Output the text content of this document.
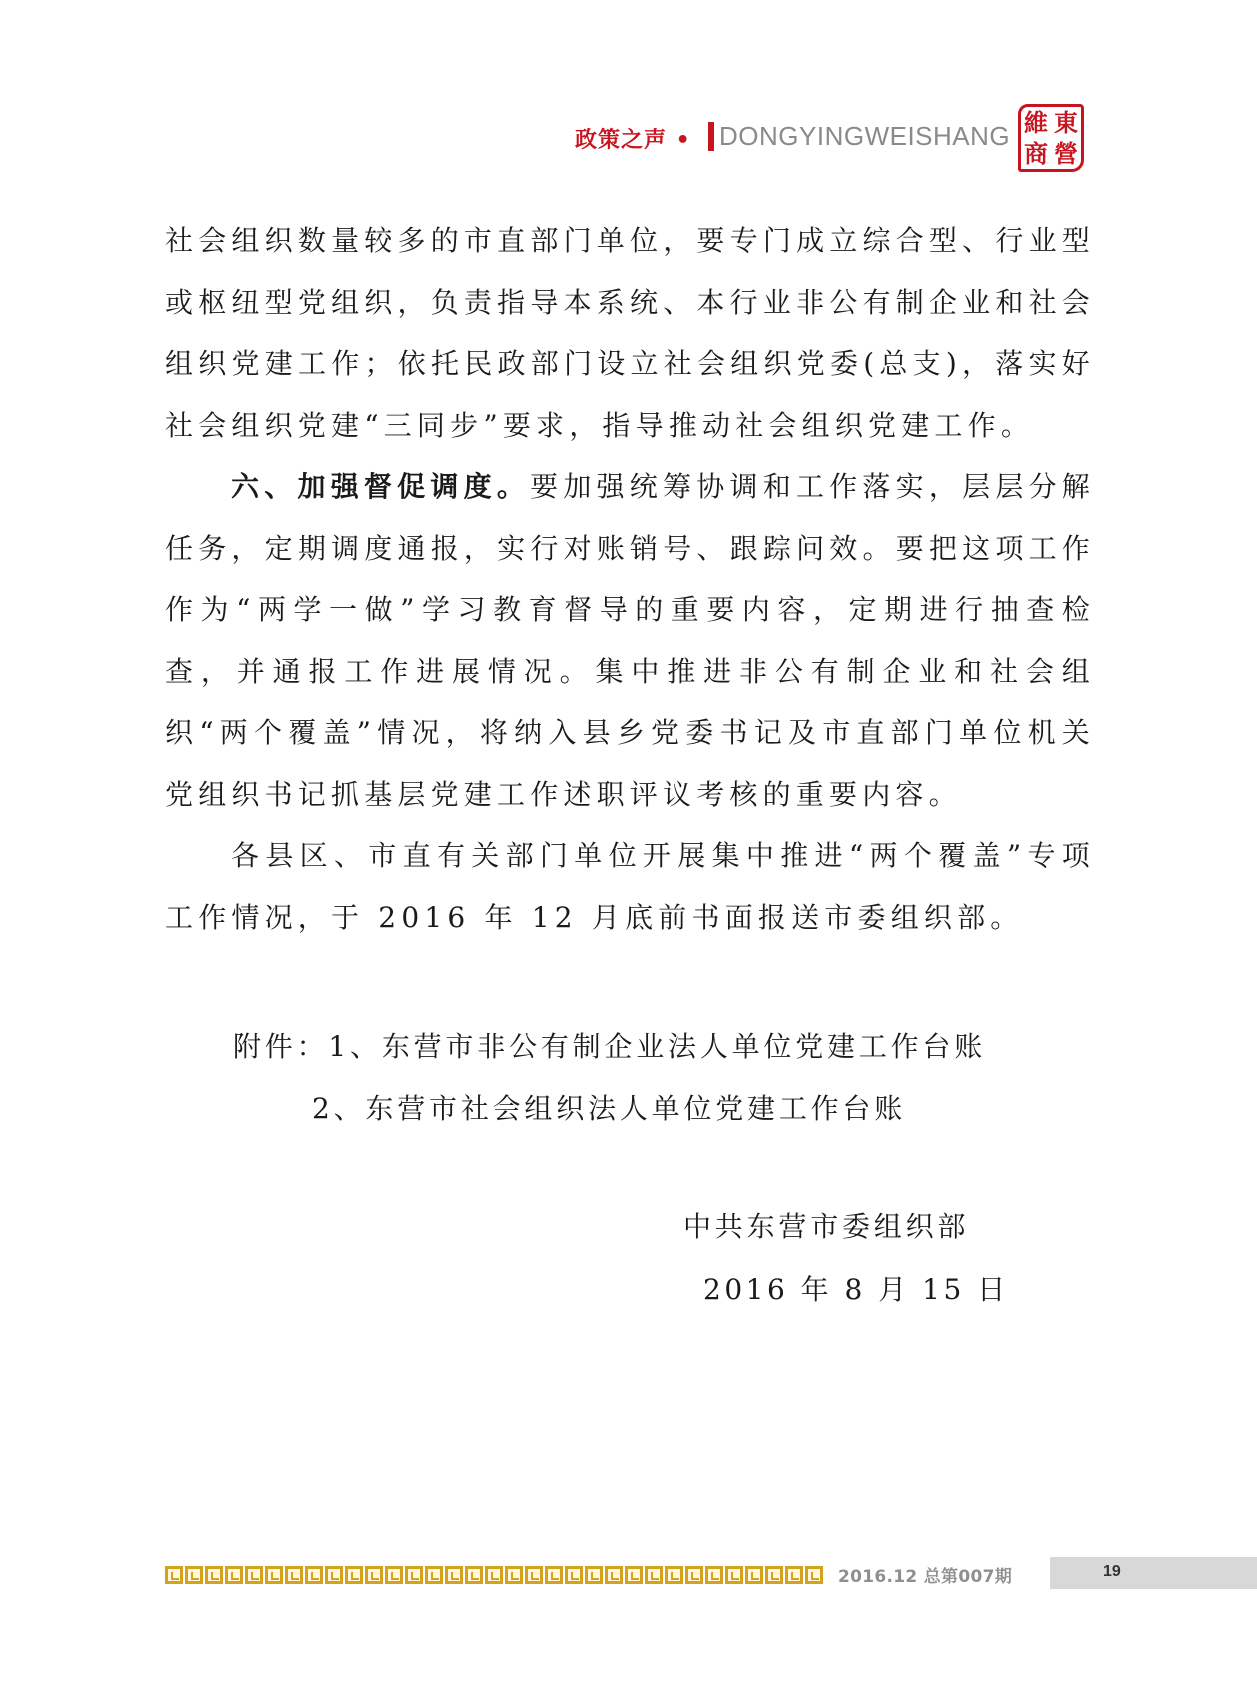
政策之声 • DONGYINGWEISHANG 維 東
商 營

社会组织数量较多的市直部门单位，要专门成立综合型、行业型或枢纽型党组织，负责指导本系统、本行业非公有制企业和社会组织党建工作；依托民政部门设立社会组织党委(总支)，落实好社会组织党建“三同步”要求，指导推动社会组织党建工作。

六、加强督促调度。要加强统筹协调和工作落实，层层分解任务，定期调度通报，实行对账销号、跟踪问效。要把这项工作作为“两学一做”学习教育督导的重要内容，定期进行抽查检查，并通报工作进展情况。集中推进非公有制企业和社会组织“两个覆盖”情况，将纳入县乡党委书记及市直部门单位机关党组织书记抓基层党建工作述职评议考核的重要内容。

各县区、市直有关部门单位开展集中推进“两个覆盖”专项工作情况，于 2016 年 12 月底前书面报送市委组织部。

附件：1、东营市非公有制企业法人单位党建工作台账
2、东营市社会组织法人单位党建工作台账
中共东营市委组织部
2016 年 8 月 15 日
2016.12 总第007期	19
